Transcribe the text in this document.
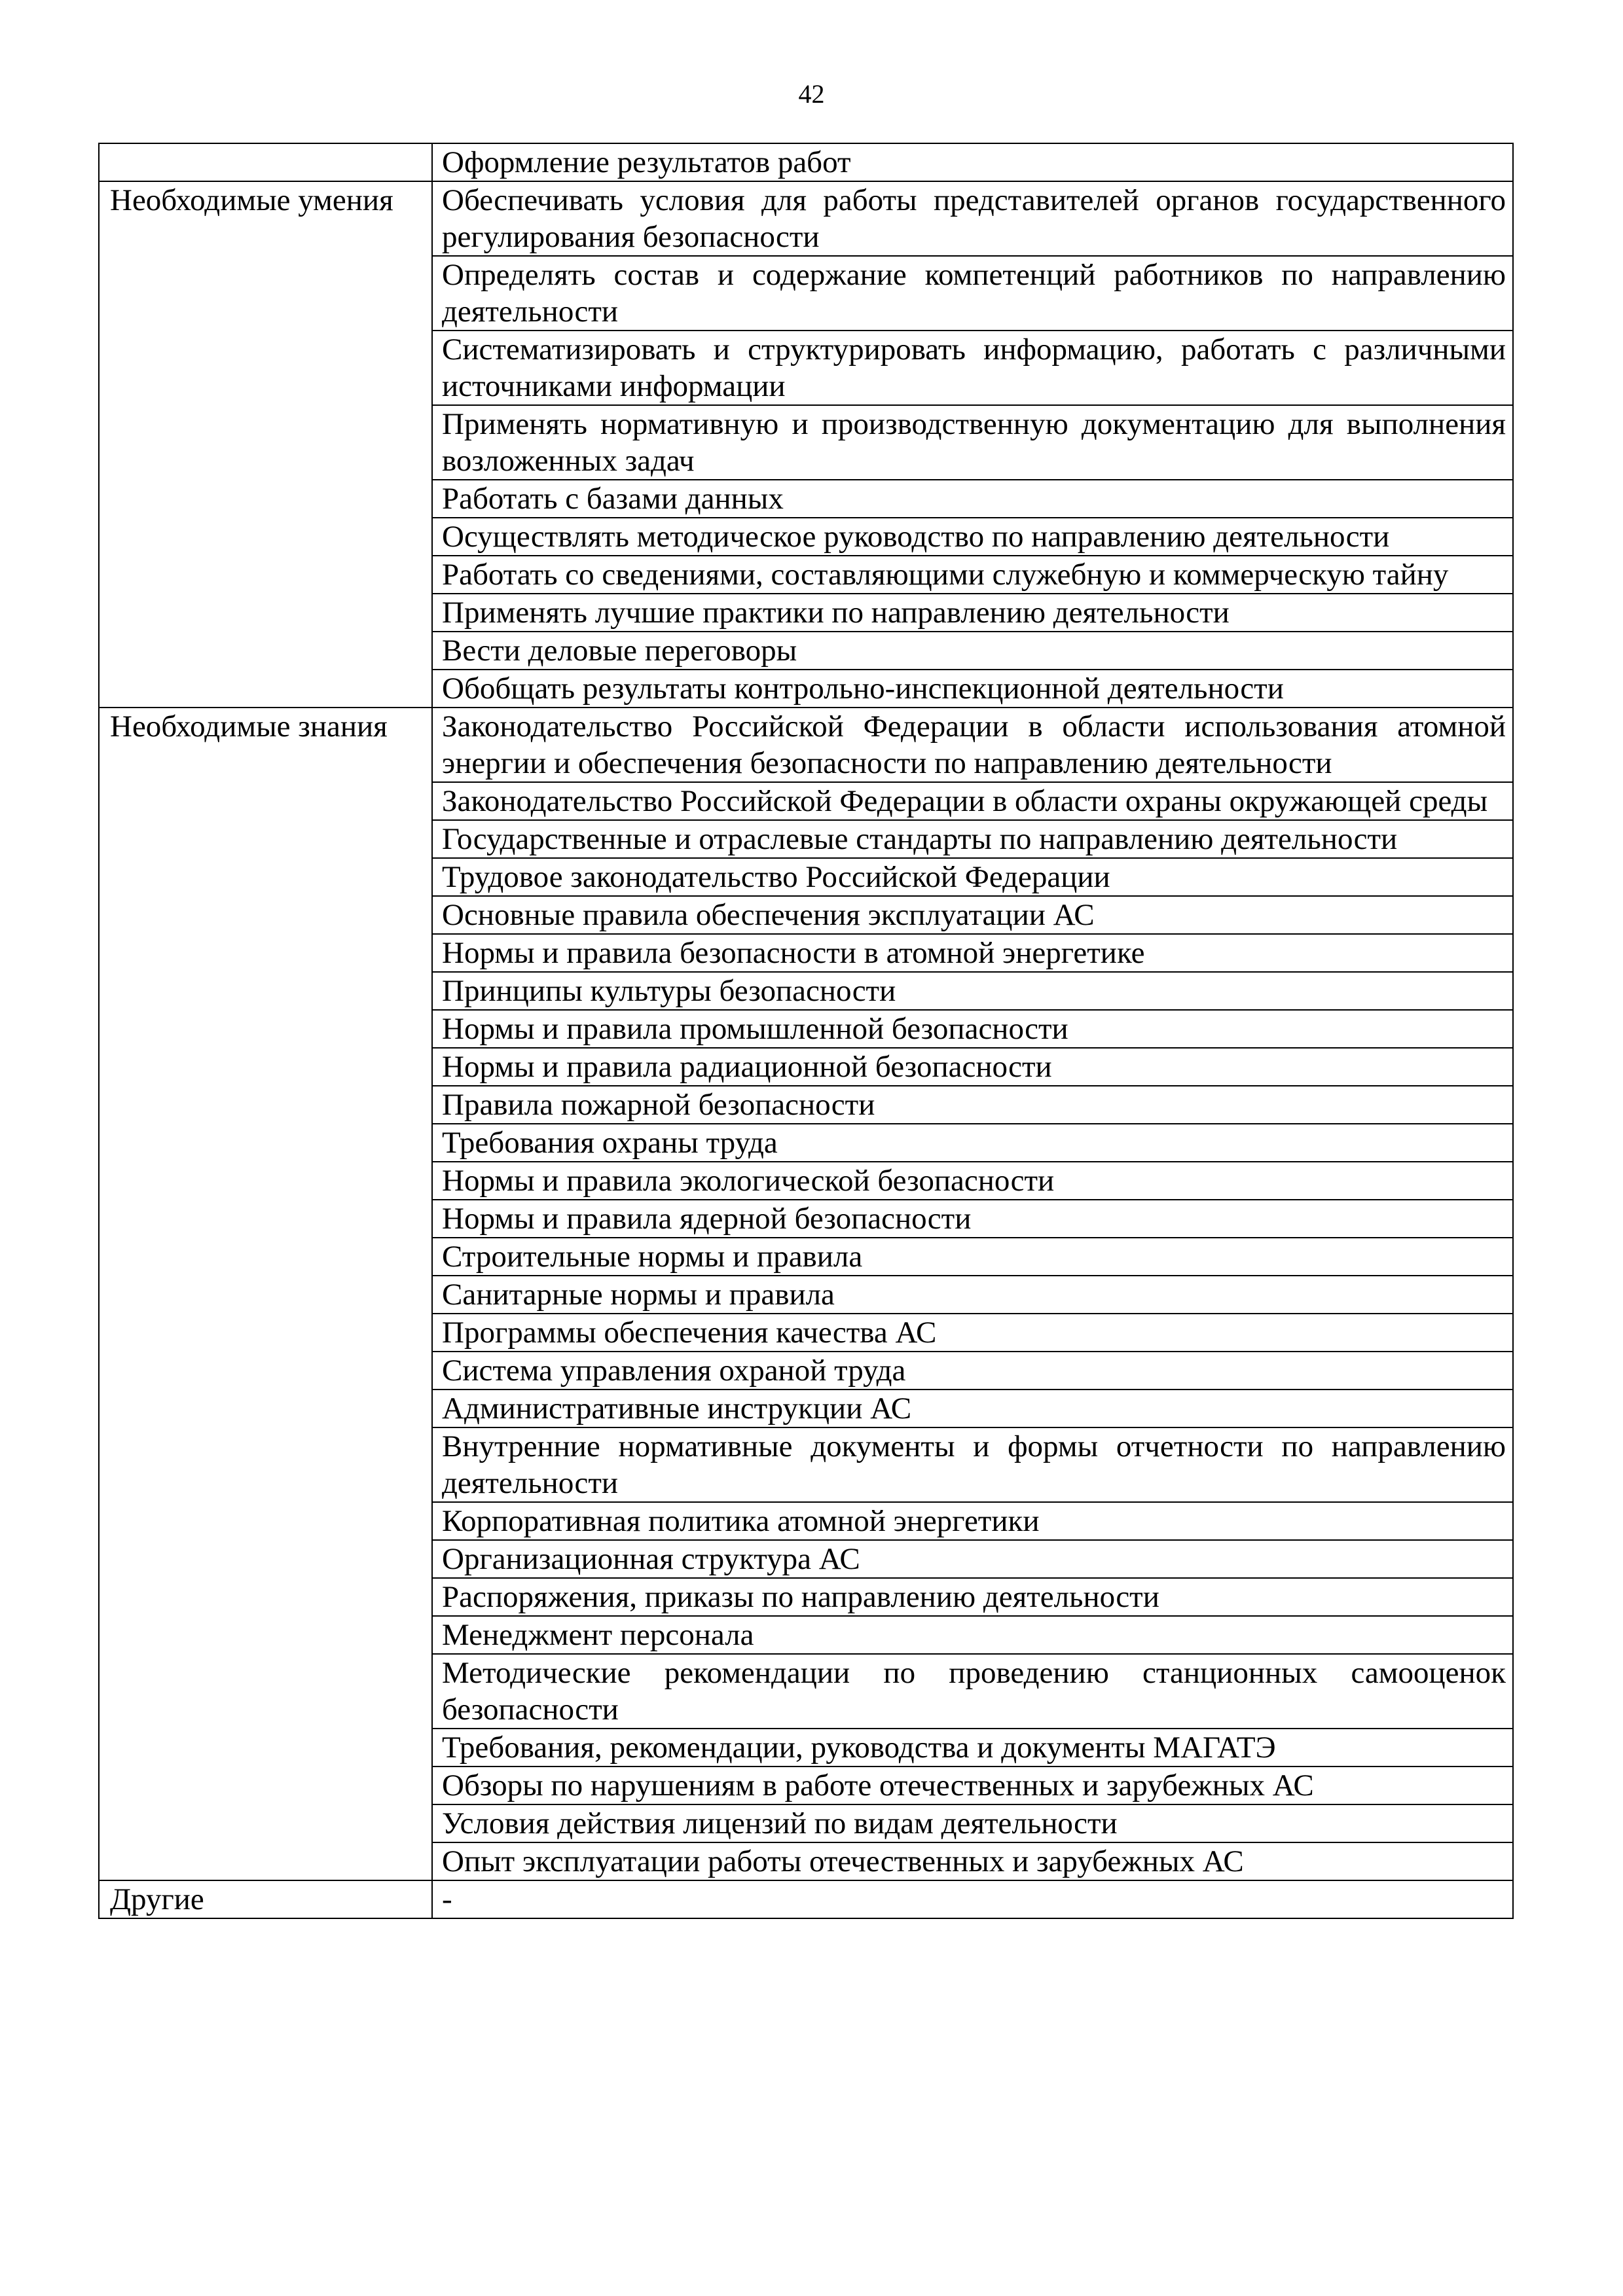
42
	Оформление результатов работ
Необходимые умения	Обеспечивать условия для работы представителей органов государственного регулирования безопасности
	Определять состав и содержание компетенций работников по направлению деятельности
	Систематизировать и структурировать информацию, работать с различными источниками информации
	Применять нормативную и производственную документацию для выполнения возложенных задач
	Работать с базами данных
	Осуществлять методическое руководство по направлению деятельности
	Работать со сведениями, составляющими служебную и коммерческую тайну
	Применять лучшие практики по направлению деятельности
	Вести деловые переговоры
	Обобщать результаты контрольно-инспекционной деятельности
Необходимые знания	Законодательство Российской Федерации в области использования атомной энергии и обеспечения безопасности по направлению деятельности
	Законодательство Российской Федерации в области охраны окружающей среды
	Государственные и отраслевые стандарты по направлению деятельности
	Трудовое законодательство Российской Федерации
	Основные правила обеспечения эксплуатации АС
	Нормы и правила безопасности в атомной энергетике
	Принципы культуры безопасности
	Нормы и правила промышленной безопасности
	Нормы и правила радиационной безопасности
	Правила пожарной безопасности
	Требования охраны труда
	Нормы и правила экологической безопасности
	Нормы и правила ядерной безопасности
	Строительные нормы и правила
	Санитарные нормы и правила
	Программы обеспечения качества АС
	Система управления охраной труда
	Административные инструкции АС
	Внутренние нормативные документы и формы отчетности по направлению деятельности
	Корпоративная политика атомной энергетики
	Организационная структура АС
	Распоряжения, приказы по направлению деятельности
	Менеджмент персонала
	Методические рекомендации по проведению станционных самооценок безопасности
	Требования, рекомендации, руководства и документы МАГАТЭ
	Обзоры по нарушениям в работе отечественных и зарубежных АС
	Условия действия лицензий по видам деятельности
	Опыт эксплуатации работы отечественных и зарубежных АС
Другие	-
